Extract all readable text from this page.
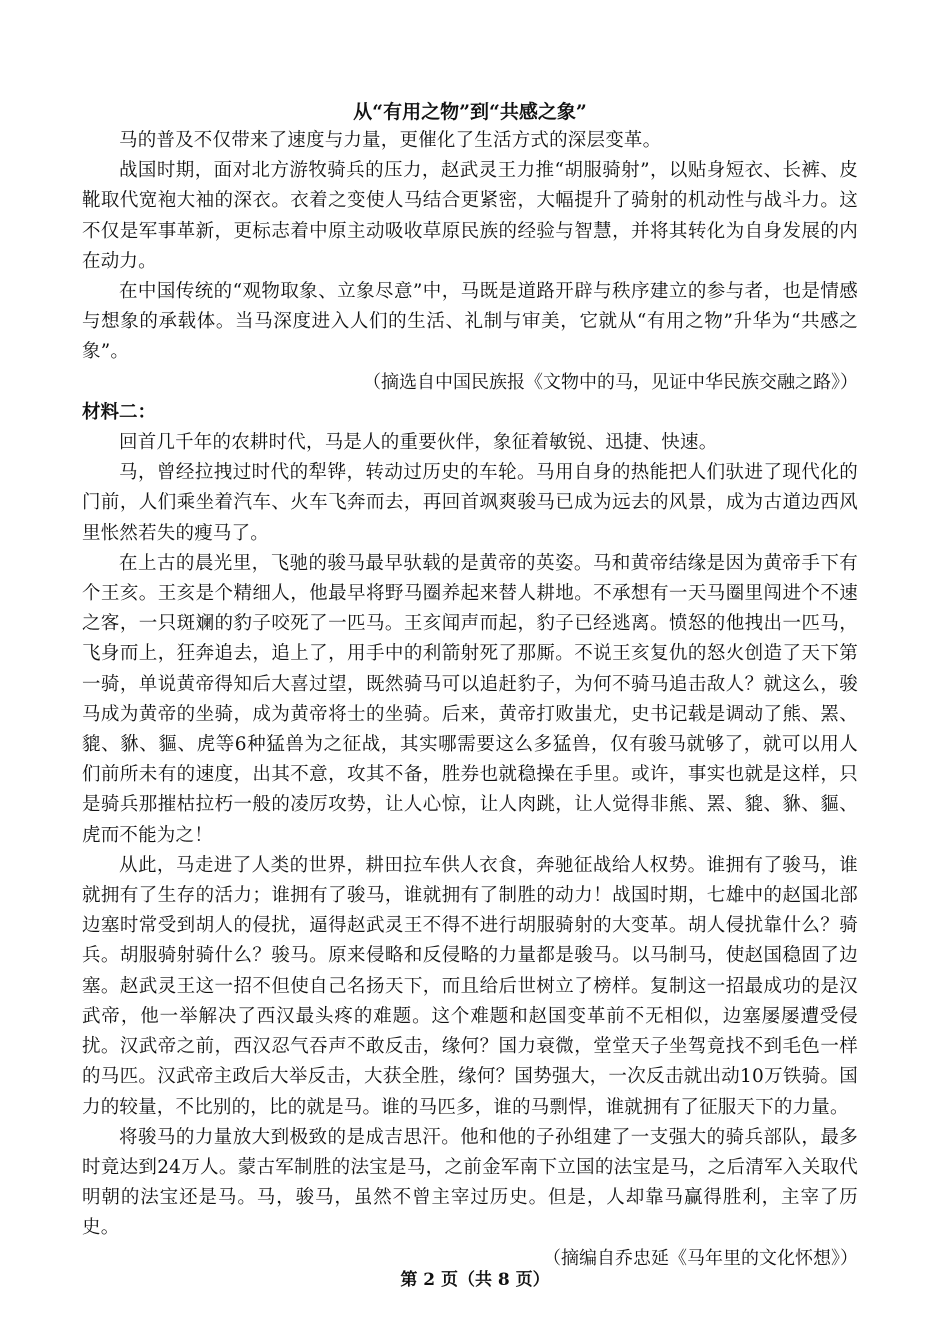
从“有用之物”到“共感之象”

马的普及不仅带来了速度与力量，更催化了生活方式的深层变革。

战国时期，面对北方游牧骑兵的压力，赵武灵王力推“胡服骑射”，以贴身短衣、长裤、皮靴取代宽袍大袖的深衣。衣着之变使人马结合更紧密，大幅提升了骑射的机动性与战斗力。这不仅是军事革新，更标志着中原主动吸收草原民族的经验与智慧，并将其转化为自身发展的内在动力。

在中国传统的“观物取象、立象尽意”中，马既是道路开辟与秩序建立的参与者，也是情感与想象的承载体。当马深度进入人们的生活、礼制与审美，它就从“有用之物”升华为“共感之象”。

（摘选自中国民族报《文物中的马，见证中华民族交融之路》）
材料二：

回首几千年的农耕时代，马是人的重要伙伴，象征着敏锐、迅捷、快速。

马，曾经拉拽过时代的犁铧，转动过历史的车轮。马用自身的热能把人们驮进了现代化的门前，人们乘坐着汽车、火车飞奔而去，再回首飒爽骏马已成为远去的风景，成为古道边西风里怅然若失的瘦马了。

在上古的晨光里，飞驰的骏马最早驮载的是黄帝的英姿。马和黄帝结缘是因为黄帝手下有个王亥。王亥是个精细人，他最早将野马圈养起来替人耕地。不承想有一天马圈里闯进个不速之客，一只斑斓的豹子咬死了一匹马。王亥闻声而起，豹子已经逃离。愤怒的他拽出一匹马，飞身而上，狂奔追去，追上了，用手中的利箭射死了那厮。不说王亥复仇的怒火创造了天下第一骑，单说黄帝得知后大喜过望，既然骑马可以追赶豹子，为何不骑马追击敌人？就这么，骏马成为黄帝的坐骑，成为黄帝将士的坐骑。后来，黄帝打败蚩尤，史书记载是调动了熊、罴、貔、貅、貙、虎等6种猛兽为之征战，其实哪需要这么多猛兽，仅有骏马就够了，就可以用人们前所未有的速度，出其不意，攻其不备，胜券也就稳操在手里。或许，事实也就是这样，只是骑兵那摧枯拉朽一般的凌厉攻势，让人心惊，让人肉跳，让人觉得非熊、罴、貔、貅、貙、虎而不能为之！

从此，马走进了人类的世界，耕田拉车供人衣食，奔驰征战给人权势。谁拥有了骏马，谁就拥有了生存的活力；谁拥有了骏马，谁就拥有了制胜的动力！战国时期，七雄中的赵国北部边塞时常受到胡人的侵扰，逼得赵武灵王不得不进行胡服骑射的大变革。胡人侵扰靠什么？骑兵。胡服骑射骑什么？骏马。原来侵略和反侵略的力量都是骏马。以马制马，使赵国稳固了边塞。赵武灵王这一招不但使自己名扬天下，而且给后世树立了榜样。复制这一招最成功的是汉武帝，他一举解决了西汉最头疼的难题。这个难题和赵国变革前不无相似，边塞屡屡遭受侵扰。汉武帝之前，西汉忍气吞声不敢反击，缘何？国力衰微，堂堂天子坐驾竟找不到毛色一样的马匹。汉武帝主政后大举反击，大获全胜，缘何？国势强大，一次反击就出动10万铁骑。国力的较量，不比别的，比的就是马。谁的马匹多，谁的马剽悍，谁就拥有了征服天下的力量。

将骏马的力量放大到极致的是成吉思汗。他和他的子孙组建了一支强大的骑兵部队，最多时竟达到24万人。蒙古军制胜的法宝是马，之前金军南下立国的法宝是马，之后清军入关取代明朝的法宝还是马。马，骏马，虽然不曾主宰过历史。但是，人却靠马赢得胜利，主宰了历史。

（摘编自乔忠延《马年里的文化怀想》）
第 2 页（共 8 页）
